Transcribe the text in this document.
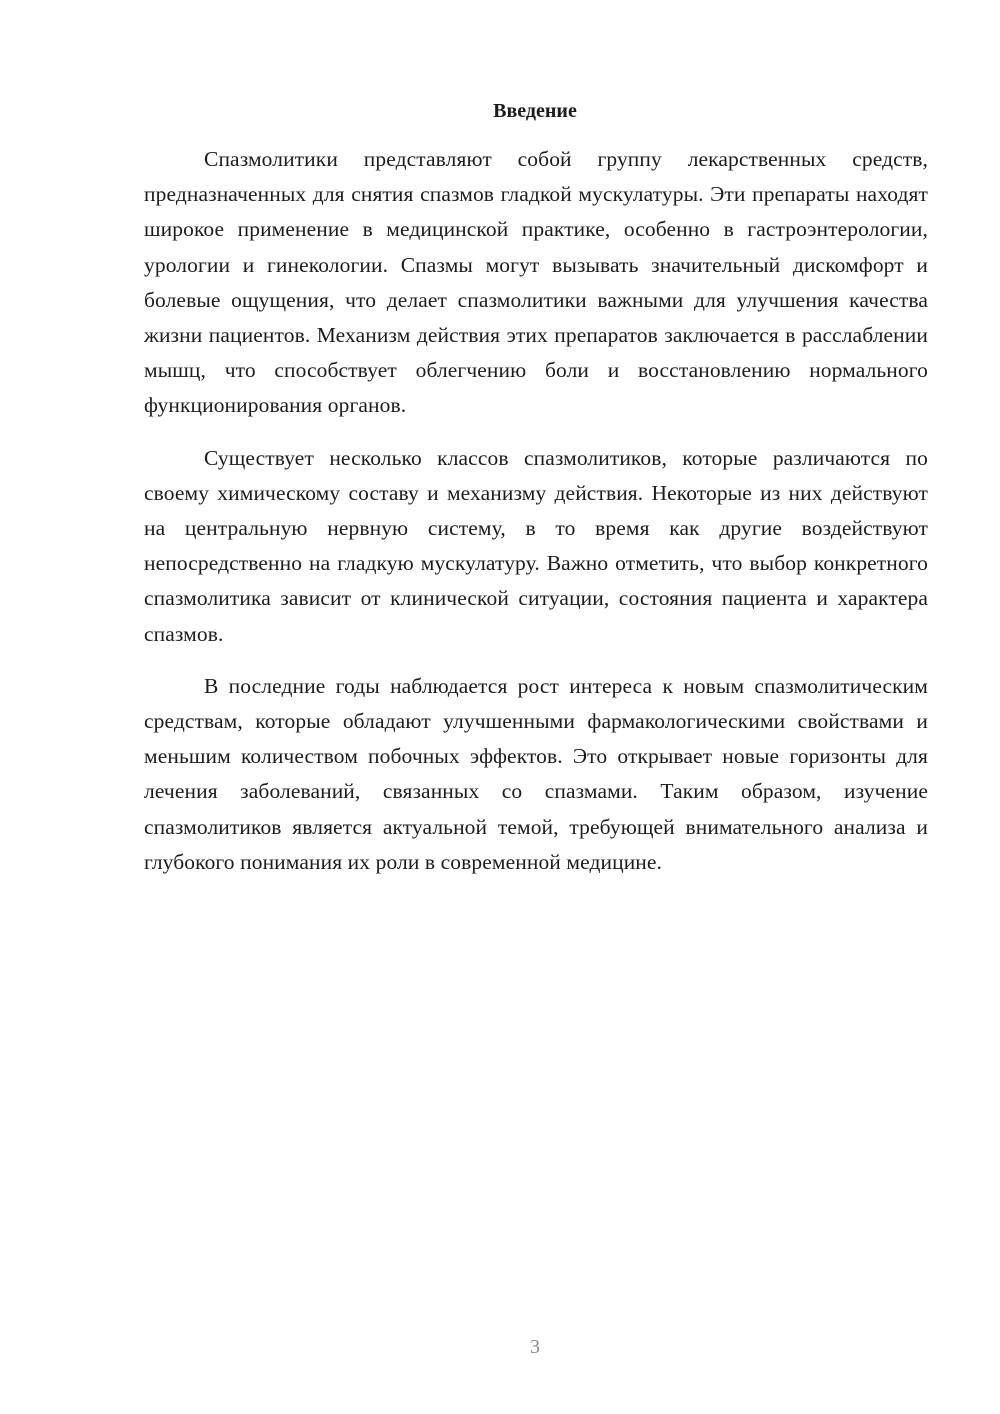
Введение

Спазмолитики представляют собой группу лекарственных средств, предназначенных для снятия спазмов гладкой мускулатуры. Эти препараты находят широкое применение в медицинской практике, особенно в гастроэнтерологии, урологии и гинекологии. Спазмы могут вызывать значительный дискомфорт и болевые ощущения, что делает спазмолитики важными для улучшения качества жизни пациентов. Механизм действия этих препаратов заключается в расслаблении мышц, что способствует облегчению боли и восстановлению нормального функционирования органов.

Существует несколько классов спазмолитиков, которые различаются по своему химическому составу и механизму действия. Некоторые из них действуют на центральную нервную систему, в то время как другие воздействуют непосредственно на гладкую мускулатуру. Важно отметить, что выбор конкретного спазмолитика зависит от клинической ситуации, состояния пациента и характера спазмов.

В последние годы наблюдается рост интереса к новым спазмолитическим средствам, которые обладают улучшенными фармакологическими свойствами и меньшим количеством побочных эффектов. Это открывает новые горизонты для лечения заболеваний, связанных со спазмами. Таким образом, изучение спазмолитиков является актуальной темой, требующей внимательного анализа и глубокого понимания их роли в современной медицине.

3
